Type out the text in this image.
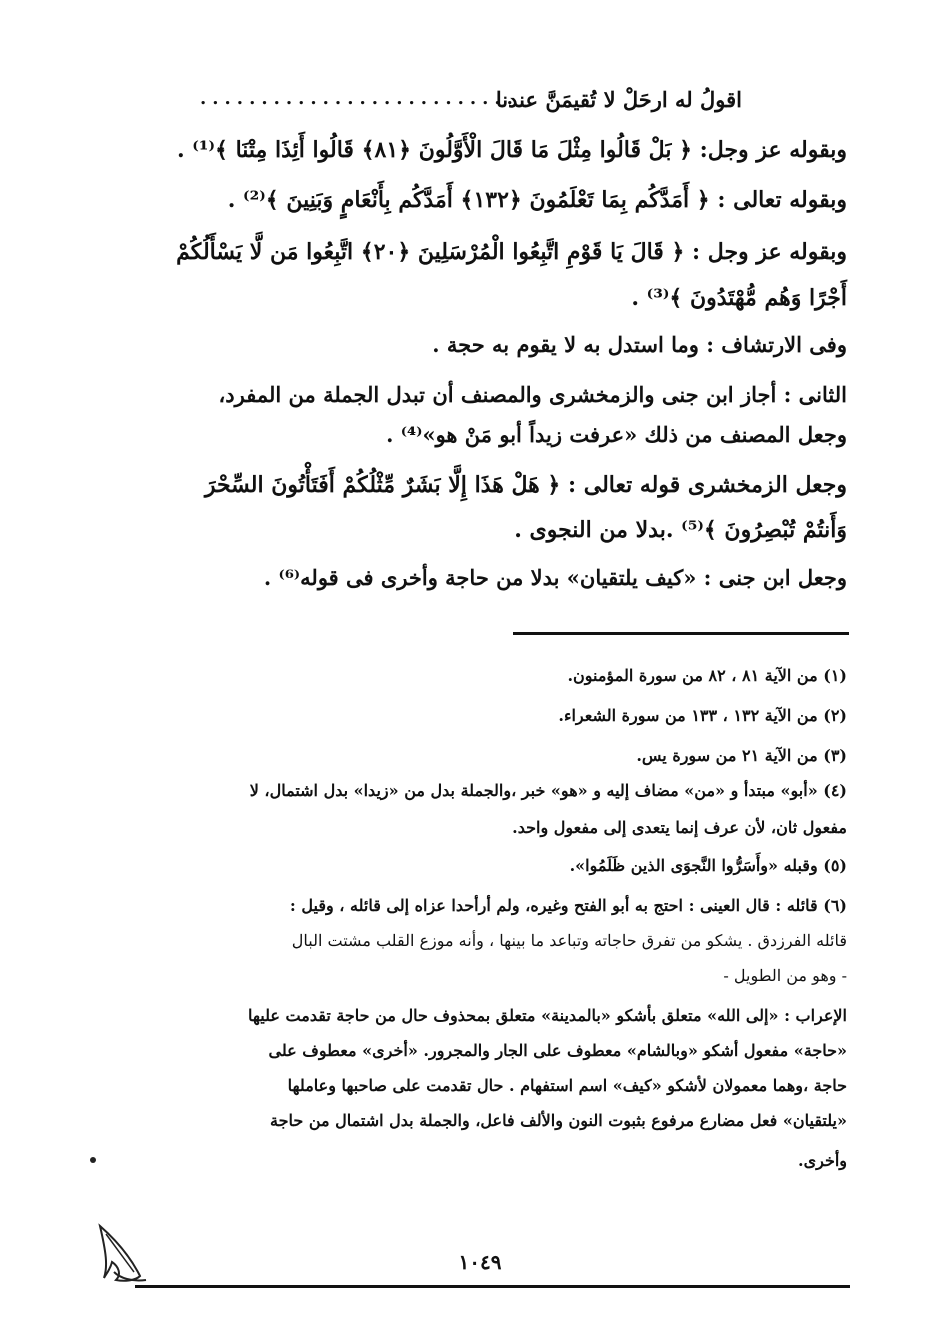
اقولُ له ارحَلْ لا تُقيمَنَّ عندنا
..........................
وبقوله عز وجل: ﴿ بَلْ قَالُوا مِثْلَ مَا قَالَ الْأَوَّلُونَ ﴿٨١﴾ قَالُوا أَئِذَا مِتْنَا ﴾⁽¹⁾ .
وبقوله تعالى : ﴿ أَمَدَّكُم بِمَا تَعْلَمُونَ ﴿١٣٢﴾ أَمَدَّكُم بِأَنْعَامٍ وَبَنِينَ ﴾⁽²⁾ .
وبقوله عز وجل : ﴿ قَالَ يَا قَوْمِ اتَّبِعُوا الْمُرْسَلِينَ ﴿٢٠﴾ اتَّبِعُوا مَن لَّا يَسْأَلُكُمْ
أَجْرًا وَهُم مُّهْتَدُونَ ﴾⁽³⁾ .
وفى الارتشاف : وما استدل به لا يقوم به حجة .
الثانى : أجاز ابن جنى والزمخشرى والمصنف أن تبدل الجملة من المفرد،
وجعل المصنف من ذلك «عرفت زيداً أبو مَنْ هو»⁽⁴⁾ .
وجعل الزمخشرى قوله تعالى : ﴿ هَلْ هَذَا إِلَّا بَشَرٌ مِّثْلُكُمْ أَفَتَأْتُونَ السِّحْرَ
وَأَنتُمْ تُبْصِرُونَ ﴾⁽⁵⁾ .بدلا من النجوى .
وجعل ابن جنى : «كيف يلتقيان» بدلا من حاجة وأخرى فى قوله⁽⁶⁾ .
(١) من الآية ٨١ ، ٨٢ من سورة المؤمنون.
(٢) من الآية ١٣٢ ، ١٣٣ من سورة الشعراء.
(٣) من الآية ٢١ من سورة يس.
(٤) «أبو» مبتدأ و «من» مضاف إليه و «هو» خبر ،والجملة بدل من «زيدا» بدل اشتمال، لا
مفعول ثان، لأن عرف إنما يتعدى إلى مفعول واحد.
(٥) وقبله «وأَسَرُّوا النَّجوَى الذين ظَلَمُوا».
(٦) قائله : قال العينى : احتج به أبو الفتح وغيره، ولم أرأحدا عزاه إلى قائله ، وقيل :
قائله الفرزدق . يشكو من تفرق حاجاته وتباعد ما بينها ، وأنه موزع القلب مشتت البال
- وهو من الطويل -
الإعراب : «إلى الله» متعلق بأشكو «بالمدينة» متعلق بمحذوف حال من حاجة تقدمت عليها
«حاجة» مفعول أشكو «وبالشام» معطوف على الجار والمجرور. «أخرى» معطوف على
حاجة ،وهما معمولان لأشكو «كيف» اسم استفهام . حال تقدمت على صاحبها وعاملها
«يلتقيان» فعل مضارع مرفوع بثبوت النون والألف فاعل، والجملة بدل اشتمال من حاجة
وأخرى.
١٠٤٩
